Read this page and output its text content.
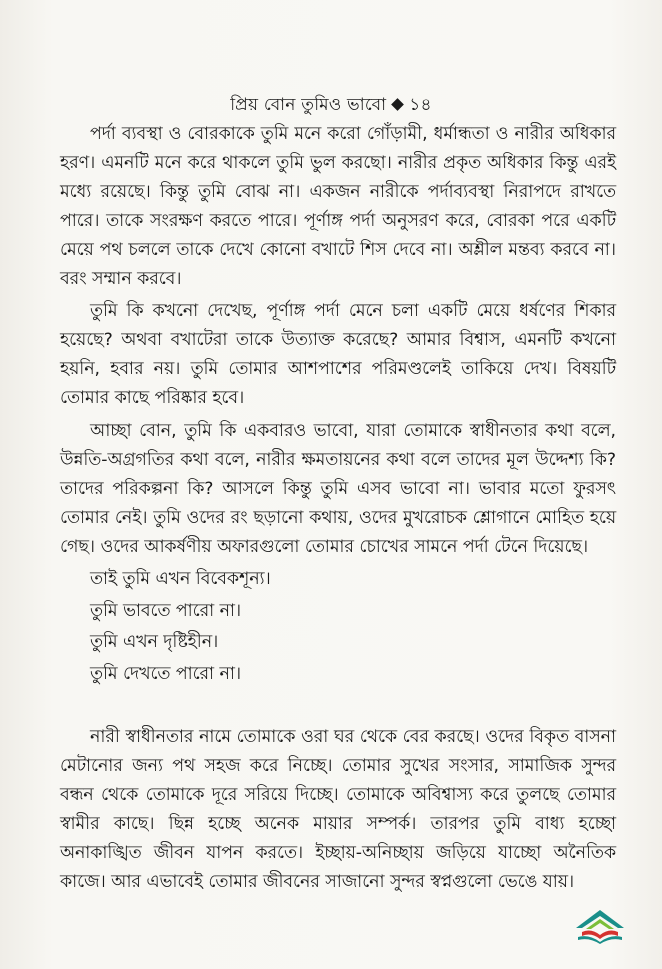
প্রিয় বোন তুমিও ভাবো ১৪

পর্দা ব্যবস্থা ও বোরকাকে তুমি মনে করো গোঁড়ামী, ধর্মান্ধতা ও নারীর অধিকার হরণ। এমনটি মনে করে থাকলে তুমি ভুল করছো। নারীর প্রকৃত অধিকার কিন্তু এরই মধ্যে রয়েছে। কিন্তু তুমি বোঝ না। একজন নারীকে পর্দাব্যবস্থা নিরাপদে রাখতে পারে। তাকে সংরক্ষণ করতে পারে। পূর্ণাঙ্গ পর্দা অনুসরণ করে, বোরকা পরে একটি মেয়ে পথ চললে তাকে দেখে কোনো বখাটে শিস দেবে না। অশ্লীল মন্তব্য করবে না। বরং সম্মান করবে।

তুমি কি কখনো দেখেছ, পূর্ণাঙ্গ পর্দা মেনে চলা একটি মেয়ে ধর্ষণের শিকার হয়েছে? অথবা বখাটেরা তাকে উত্যাক্ত করেছে? আমার বিশ্বাস, এমনটি কখনো হয়নি, হবার নয়। তুমি তোমার আশপাশের পরিমণ্ডলেই তাকিয়ে দেখ। বিষয়টি তোমার কাছে পরিষ্কার হবে।

আচ্ছা বোন, তুমি কি একবারও ভাবো, যারা তোমাকে স্বাধীনতার কথা বলে, উন্নতি-অগ্রগতির কথা বলে, নারীর ক্ষমতায়নের কথা বলে তাদের মূল উদ্দেশ্য কি? তাদের পরিকল্পনা কি? আসলে কিন্তু তুমি এসব ভাবো না। ভাবার মতো ফুরসৎ তোমার নেই। তুমি ওদের রং ছড়ানো কথায়, ওদের মুখরোচক শ্লোগানে মোহিত হয়ে গেছ। ওদের আকর্ষণীয় অফারগুলো তোমার চোখের সামনে পর্দা টেনে দিয়েছে।

তাই তুমি এখন বিবেকশূন্য।

তুমি ভাবতে পারো না।

তুমি এখন দৃষ্টিহীন।

তুমি দেখতে পারো না।

নারী স্বাধীনতার নামে তোমাকে ওরা ঘর থেকে বের করছে। ওদের বিকৃত বাসনা মেটানোর জন্য পথ সহজ করে নিচ্ছে। তোমার সুখের সংসার, সামাজিক সুন্দর বন্ধন থেকে তোমাকে দূরে সরিয়ে দিচ্ছে। তোমাকে অবিশ্বাস্য করে তুলছে তোমার স্বামীর কাছে। ছিন্ন হচ্ছে অনেক মায়ার সম্পর্ক। তারপর তুমি বাধ্য হচ্ছো অনাকাঙ্খিত জীবন যাপন করতে। ইচ্ছায়-অনিচ্ছায় জড়িয়ে যাচ্ছো অনৈতিক কাজে। আর এভাবেই তোমার জীবনের সাজানো সুন্দর স্বপ্নগুলো ভেঙে যায়।
